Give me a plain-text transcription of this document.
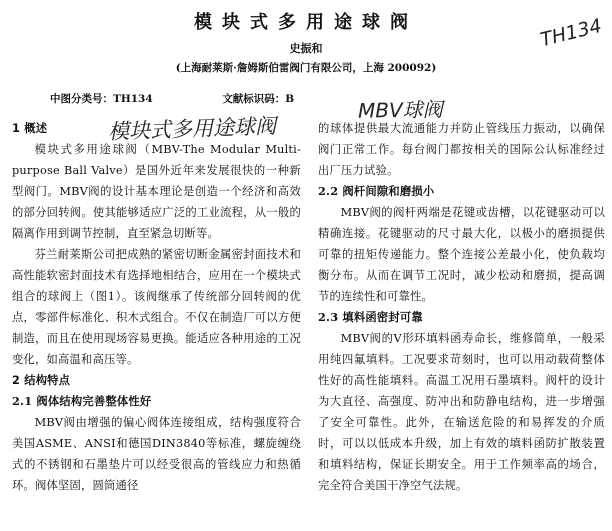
模块式多用途球阀
史振和
(上海耐莱斯·詹姆斯伯雷阀门有限公司，上海 200092)
中图分类号：TH134	文献标识码：B
TH134
模块式多用途球阀
MBV球阀
1 概述

模块式多用途球阀（MBV-The Modular Multi-purpose Ball Valve）是国外近年来发展很快的一种新型阀门。MBV阀的设计基本理论是创造一个经济和高效的部分回转阀。使其能够适应广泛的工业流程，从一般的隔离作用到调节控制，直至紧急切断等。

芬兰耐莱斯公司把成熟的紧密切断金属密封面技术和高性能软密封面技术有选择地相结合，应用在一个模块式组合的球阀上（图1）。该阀继承了传统部分回转阀的优点，零部件标准化、积木式组合。不仅在制造厂可以方便制造，而且在使用现场容易更换。能适应各种用途的工况变化，如高温和高压等。

2 结构特点
2.1 阀体结构完善整体性好

MBV阀由增强的偏心阀体连接组成，结构强度符合美国ASME、ANSI和德国DIN3840等标准，螺旋缠绕式的不锈钢和石墨垫片可以经受很高的管线应力和热循环。阀体坚固，圆筒通径

的球体提供最大流通能力并防止管线压力振动，以确保阀门正常工作。每台阀门都按相关的国际公认标准经过出厂压力试验。

2.2 阀杆间隙和磨损小

MBV阀的阀杆两端是花键或齿槽，以花键驱动可以精确连接。花键驱动的尺寸最大化，以极小的磨损提供可靠的扭矩传递能力。整个连接公差最小化，使负载均衡分布。从而在调节工况时，减少松动和磨损，提高调节的连续性和可靠性。

2.3 填料函密封可靠

MBV阀的V形环填料函寿命长，维修简单，一般采用纯四氟填料。工况要求苛刻时，也可以用动载荷整体性好的高性能填料。高温工况用石墨填料。阀杆的设计为大直径、高强度、防冲出和防静电结构，进一步增强了安全可靠性。此外，在输送危险的和易挥发的介质时，可以以低成本升级，加上有效的填料函防扩散装置和填料结构，保证长期安全。用于工作频率高的场合，完全符合美国干净空气法规。
